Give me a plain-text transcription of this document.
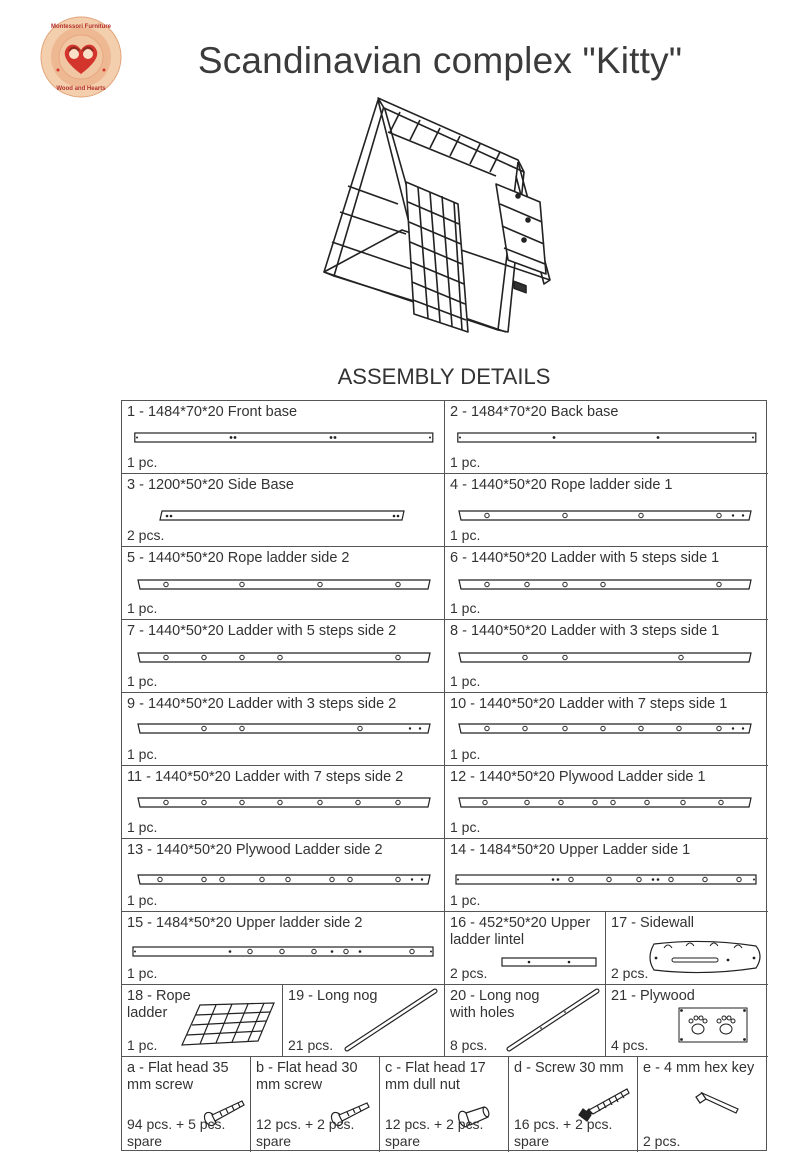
Montessori Furniture
Wood and Hearts
Scandinavian complex "Kitty"
ASSEMBLY DETAILS
1 - 1484*70*20 Front base
1 pc.
2 - 1484*70*20 Back base
1 pc.
3 - 1200*50*20 Side Base
2 pcs.
4 - 1440*50*20 Rope ladder side 1
1 pc.
5 - 1440*50*20 Rope ladder side 2
1 pc.
6 - 1440*50*20 Ladder with 5 steps side 1
1 pc.
7 - 1440*50*20 Ladder with 5 steps side 2
1 pc.
8 - 1440*50*20 Ladder with 3 steps side 1
1 pc.
9 - 1440*50*20 Ladder with 3 steps side 2
1 pc.
10 - 1440*50*20 Ladder with 7 steps side 1
1 pc.
11 - 1440*50*20 Ladder with 7 steps side 2
1 pc.
12 - 1440*50*20 Plywood Ladder side 1
1 pc.
13 - 1440*50*20 Plywood Ladder side 2
1 pc.
14 - 1484*50*20 Upper Ladder side 1
1 pc.
15 - 1484*50*20 Upper ladder side 2
1 pc.
16 - 452*50*20 Upper ladder lintel
2 pcs.
17 - Sidewall
2 pcs.
18 - Rope ladder
1 pc.
19 - Long nog
21 pcs.
20 - Long nog with holes
8 pcs.
21 - Plywood
4 pcs.
a - Flat head 35 mm screw
94 pcs. + 5 pcs. spare
b - Flat head 30 mm screw
12 pcs. + 2 pcs. spare
c - Flat head 17 mm dull nut
12 pcs. + 2 pcs. spare
d - Screw 30 mm
16 pcs. + 2 pcs. spare
e - 4 mm hex key
2 pcs.
